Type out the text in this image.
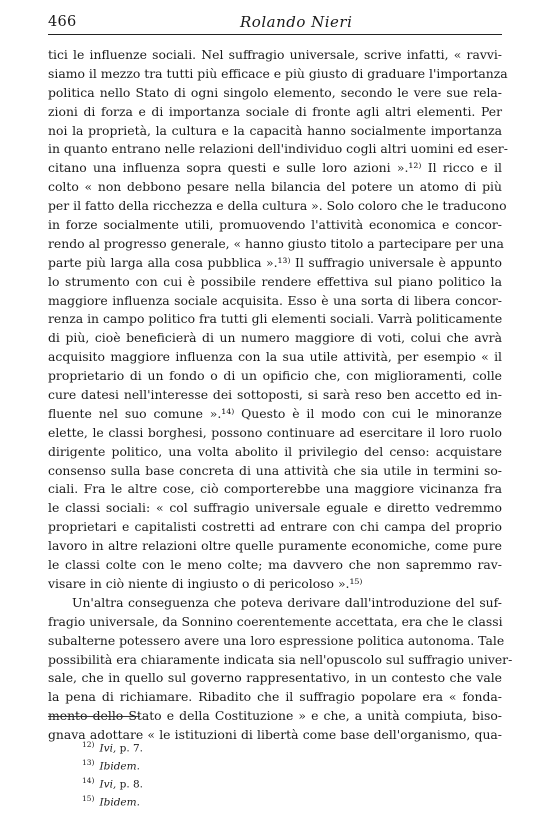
466	Rolando Nieri
tici le influenze sociali. Nel suffragio universale, scrive infatti, « ravvi-
siamo il mezzo tra tutti più efficace e più giusto di graduare l'importanza
politica nello Stato di ogni singolo elemento, secondo le vere sue rela-
zioni di forza e di importanza sociale di fronte agli altri elementi. Per
noi la proprietà, la cultura e la capacità hanno socialmente importanza
in quanto entrano nelle relazioni dell'individuo cogli altri uomini ed eser-
citano una influenza sopra questi e sulle loro azioni ».¹²⁾ Il ricco e il
colto « non debbono pesare nella bilancia del potere un atomo di più
per il fatto della ricchezza e della cultura ». Solo coloro che le traducono
in forze socialmente utili, promuovendo l'attività economica e concor-
rendo al progresso generale, « hanno giusto titolo a partecipare per una
parte più larga alla cosa pubblica ».¹³⁾ Il suffragio universale è appunto
lo strumento con cui è possibile rendere effettiva sul piano politico la
maggiore influenza sociale acquisita. Esso è una sorta di libera concor-
renza in campo politico fra tutti gli elementi sociali. Varrà politicamente
di più, cioè beneficierà di un numero maggiore di voti, colui che avrà
acquisito maggiore influenza con la sua utile attività, per esempio « il
proprietario di un fondo o di un opificio che, con miglioramenti, colle
cure datesi nell'interesse dei sottoposti, si sarà reso ben accetto ed in-
fluente nel suo comune ».¹⁴⁾ Questo è il modo con cui le minoranze
elette, le classi borghesi, possono continuare ad esercitare il loro ruolo
dirigente politico, una volta abolito il privilegio del censo: acquistare
consenso sulla base concreta di una attività che sia utile in termini so-
ciali. Fra le altre cose, ciò comporterebbe una maggiore vicinanza fra
le classi sociali: « col suffragio universale eguale e diretto vedremmo
proprietari e capitalisti costretti ad entrare con chi campa del proprio
lavoro in altre relazioni oltre quelle puramente economiche, come pure
le classi colte con le meno colte; ma davvero che non sapremmo rav-
visare in ciò niente di ingiusto o di pericoloso ».¹⁵⁾
Un'altra conseguenza che poteva derivare dall'introduzione del suf-
fragio universale, da Sonnino coerentemente accettata, era che le classi
subalterne potessero avere una loro espressione politica autonoma. Tale
possibilità era chiaramente indicata sia nell'opuscolo sul suffragio univer-
sale, che in quello sul governo rappresentativo, in un contesto che vale
la pena di richiamare. Ribadito che il suffragio popolare era « fonda-
mento dello Stato e della Costituzione » e che, a unità compiuta, biso-
gnava adottare « le istituzioni di libertà come base dell'organismo, qua-
$^{12)}$ Ivi, p. 7.
$^{13)}$ Ibidem.
$^{14)}$ Ivi, p. 8.
$^{15)}$ Ibidem.
